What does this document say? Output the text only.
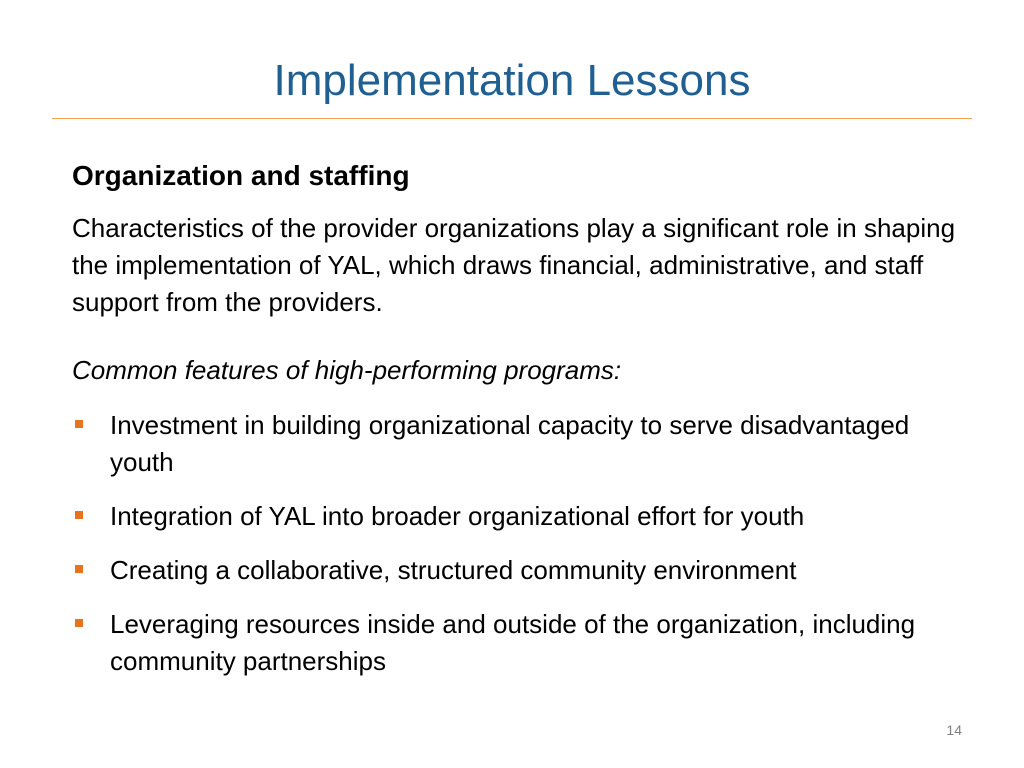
Implementation Lessons
Organization and staffing
Characteristics of the provider organizations play a significant role in shaping the implementation of YAL, which draws financial, administrative, and staff support from the providers.
Common features of high-performing programs:
Investment in building organizational capacity to serve disadvantaged youth
Integration of YAL into broader organizational effort for youth
Creating a collaborative, structured community environment
Leveraging resources inside and outside of the organization, including community partnerships
14
